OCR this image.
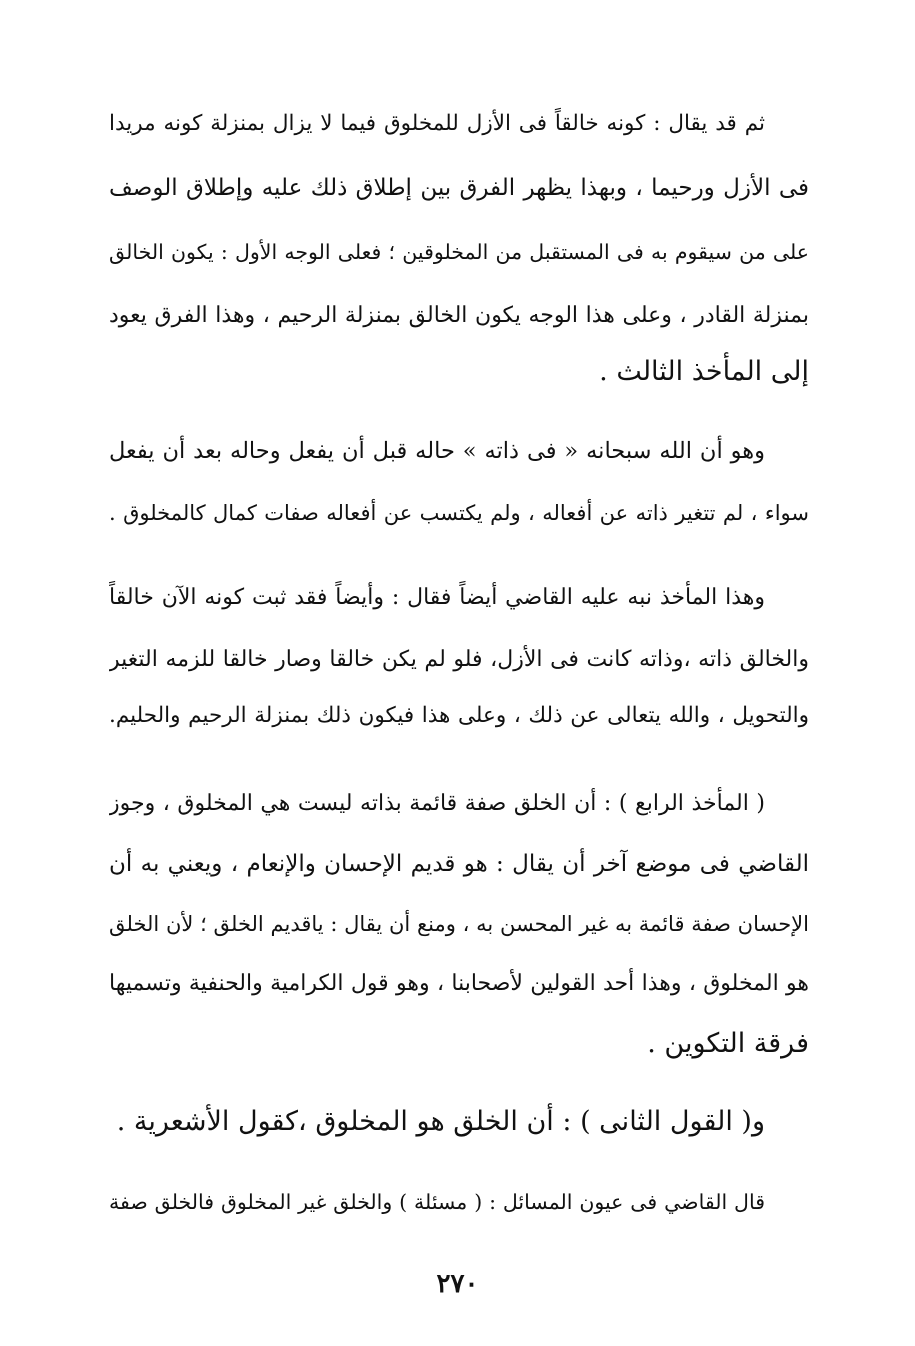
ثم قد يقال : كونه خالقاً فى الأزل للمخلوق فيما لا يزال بمنزلة كونه مريدا
فى الأزل ورحيما ، وبهذا يظهر الفرق بين إطلاق ذلك عليه وإطلاق الوصف
على من سيقوم به فى المستقبل من المخلوقين ؛ فعلى الوجه الأول : يكون الخالق
بمنزلة القادر ، وعلى هذا الوجه يكون الخالق بمنزلة الرحيم ، وهذا الفرق يعود
إلى المأخذ الثالث .
وهو أن الله سبحانه « فى ذاته » حاله قبل أن يفعل وحاله بعد أن يفعل
سواء ، لم تتغير ذاته عن أفعاله ، ولم يكتسب عن أفعاله صفات كمال كالمخلوق .
وهذا المأخذ نبه عليه القاضي أيضاً فقال : وأيضاً فقد ثبت كونه الآن خالقاً
والخالق ذاته ،وذاته كانت فى الأزل، فلو لم يكن خالقا وصار خالقا للزمه التغير
والتحويل ، والله يتعالى عن ذلك ، وعلى هذا فيكون ذلك بمنزلة الرحيم والحليم.
( المأخذ الرابع ) : أن الخلق صفة قائمة بذاته ليست هي المخلوق ، وجوز
القاضي فى موضع آخر أن يقال : هو قديم الإحسان والإنعام ، ويعني به أن
الإحسان صفة قائمة به غير المحسن به ، ومنع أن يقال : ياقديم الخلق ؛ لأن الخلق
هو المخلوق ، وهذا أحد القولين لأصحابنا ، وهو قول الكرامية والحنفية وتسميها
فرقة التكوين .
و( القول الثانى ) : أن الخلق هو المخلوق ،كقول الأشعرية .
قال القاضي فى عيون المسائل : ( مسئلة ) والخلق غير المخلوق فالخلق صفة
٢٧٠
